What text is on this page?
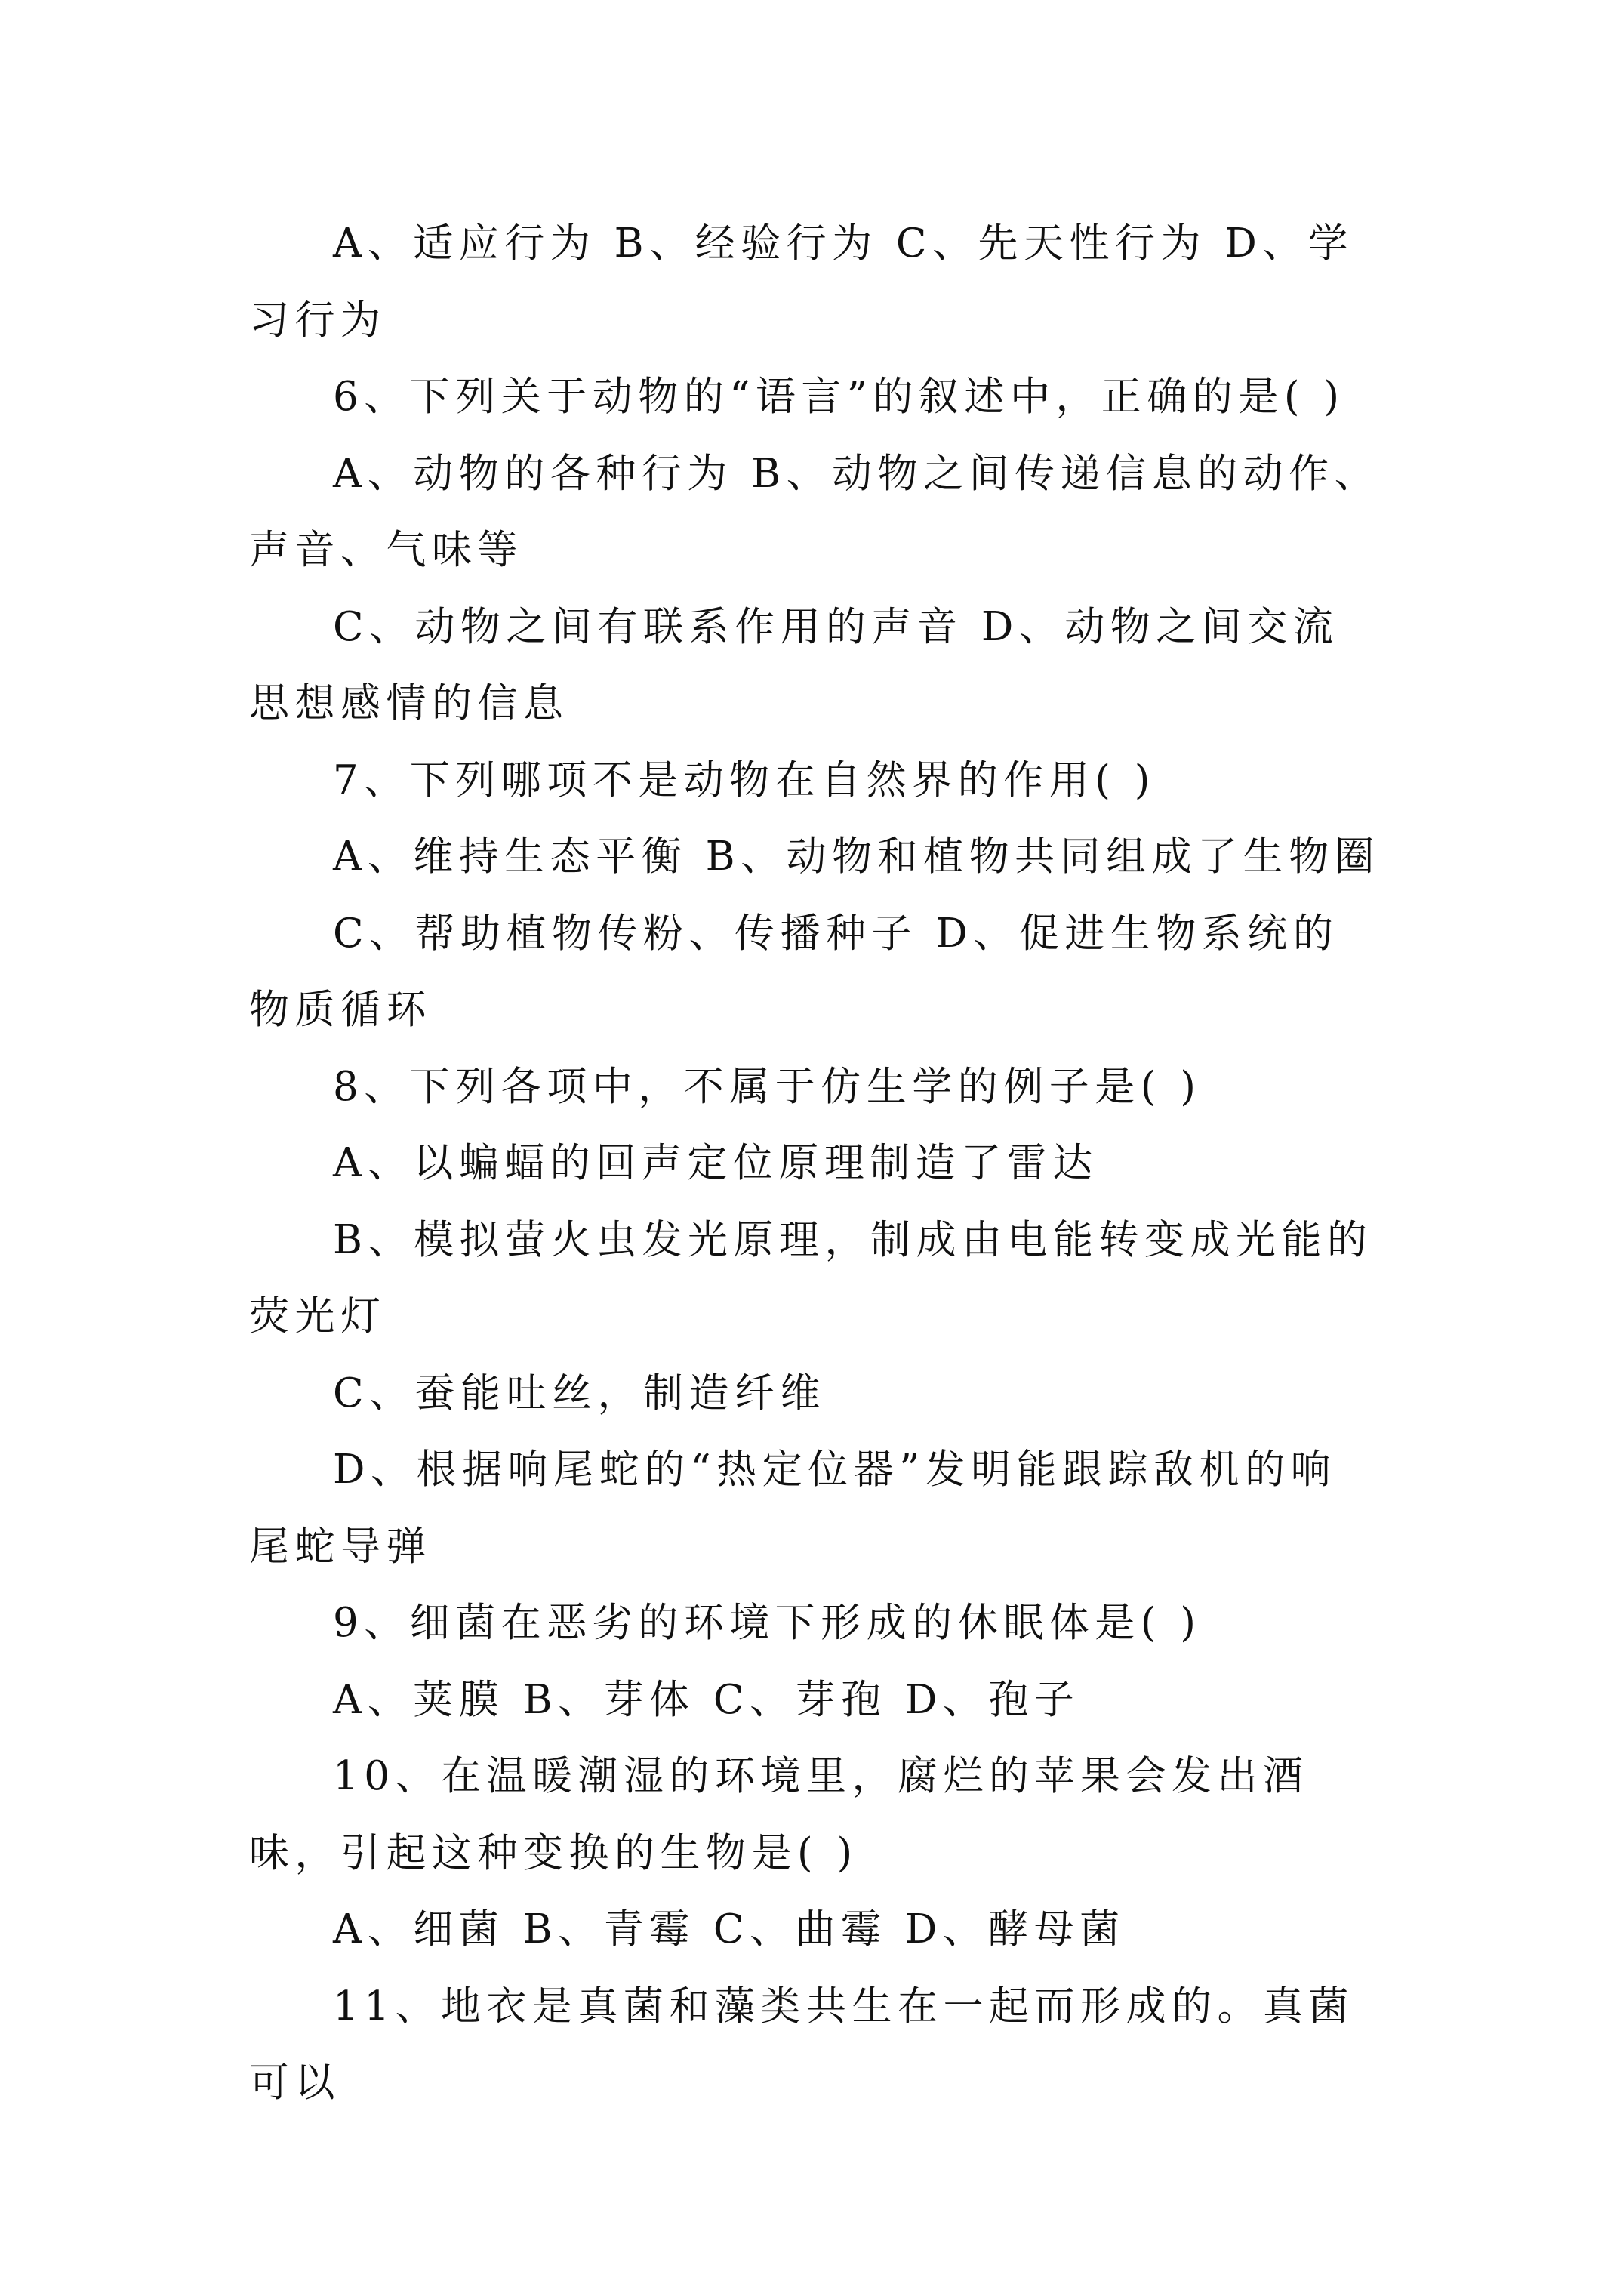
A、适应行为 B、经验行为 C、先天性行为 D、学习行为

6、下列关于动物的“语言”的叙述中，正确的是( )

A、动物的各种行为 B、动物之间传递信息的动作、声音、气味等

C、动物之间有联系作用的声音 D、动物之间交流思想感情的信息

7、下列哪项不是动物在自然界的作用( )

A、维持生态平衡 B、动物和植物共同组成了生物圈

C、帮助植物传粉、传播种子 D、促进生物系统的物质循环

8、下列各项中，不属于仿生学的例子是( )

A、以蝙蝠的回声定位原理制造了雷达

B、模拟萤火虫发光原理，制成由电能转变成光能的荧光灯

C、蚕能吐丝，制造纤维

D、根据响尾蛇的“热定位器”发明能跟踪敌机的响尾蛇导弹

9、细菌在恶劣的环境下形成的休眠体是( )

A、荚膜 B、芽体 C、芽孢 D、孢子

10、在温暖潮湿的环境里，腐烂的苹果会发出酒味，引起这种变换的生物是( )

A、细菌 B、青霉 C、曲霉 D、酵母菌

11、地衣是真菌和藻类共生在一起而形成的。真菌可以
